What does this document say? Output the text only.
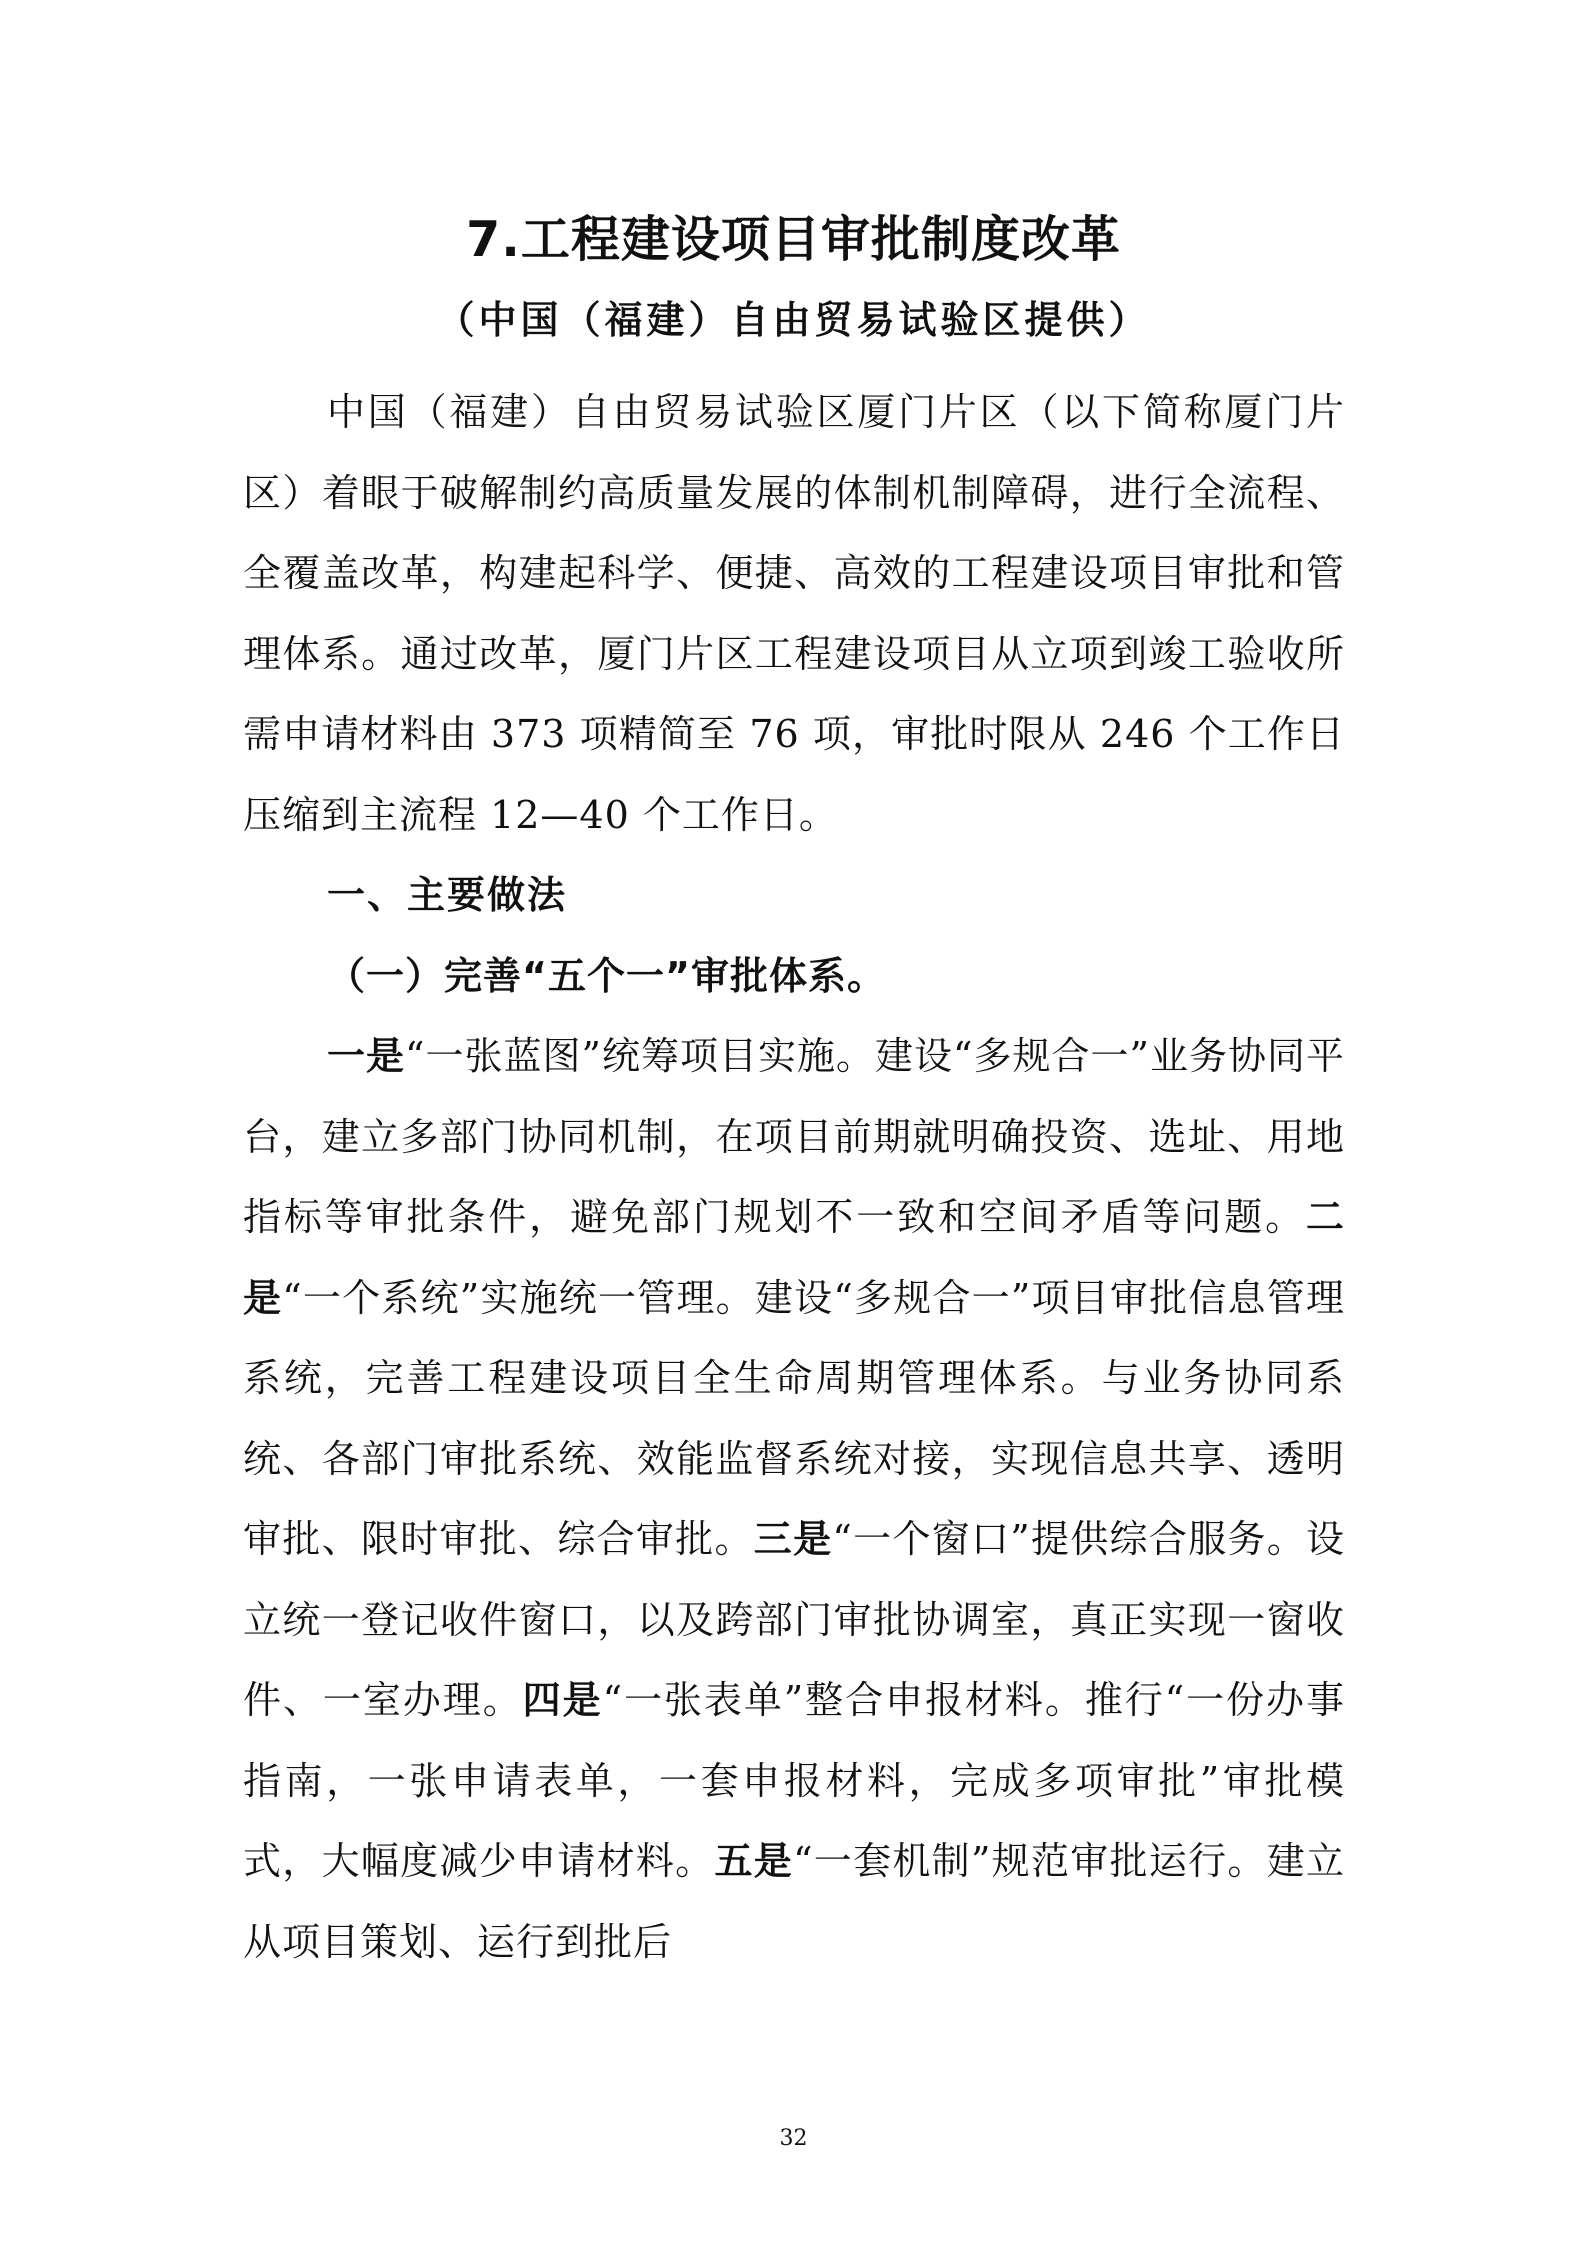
7.工程建设项目审批制度改革
（中国（福建）自由贸易试验区提供）

中国（福建）自由贸易试验区厦门片区（以下简称厦门片区）着眼于破解制约高质量发展的体制机制障碍，进行全流程、全覆盖改革，构建起科学、便捷、高效的工程建设项目审批和管理体系。通过改革，厦门片区工程建设项目从立项到竣工验收所需申请材料由 373 项精简至 76 项，审批时限从 246 个工作日压缩到主流程 12—40 个工作日。

一、主要做法

（一）完善“五个一”审批体系。

一是“一张蓝图”统筹项目实施。建设“多规合一”业务协同平台，建立多部门协同机制，在项目前期就明确投资、选址、用地指标等审批条件，避免部门规划不一致和空间矛盾等问题。二是“一个系统”实施统一管理。建设“多规合一”项目审批信息管理系统，完善工程建设项目全生命周期管理体系。与业务协同系统、各部门审批系统、效能监督系统对接，实现信息共享、透明审批、限时审批、综合审批。三是“一个窗口”提供综合服务。设立统一登记收件窗口，以及跨部门审批协调室，真正实现一窗收件、一室办理。四是“一张表单”整合申报材料。推行“一份办事指南，一张申请表单，一套申报材料，完成多项审批”审批模式，大幅度减少申请材料。五是“一套机制”规范审批运行。建立从项目策划、运行到批后

32
